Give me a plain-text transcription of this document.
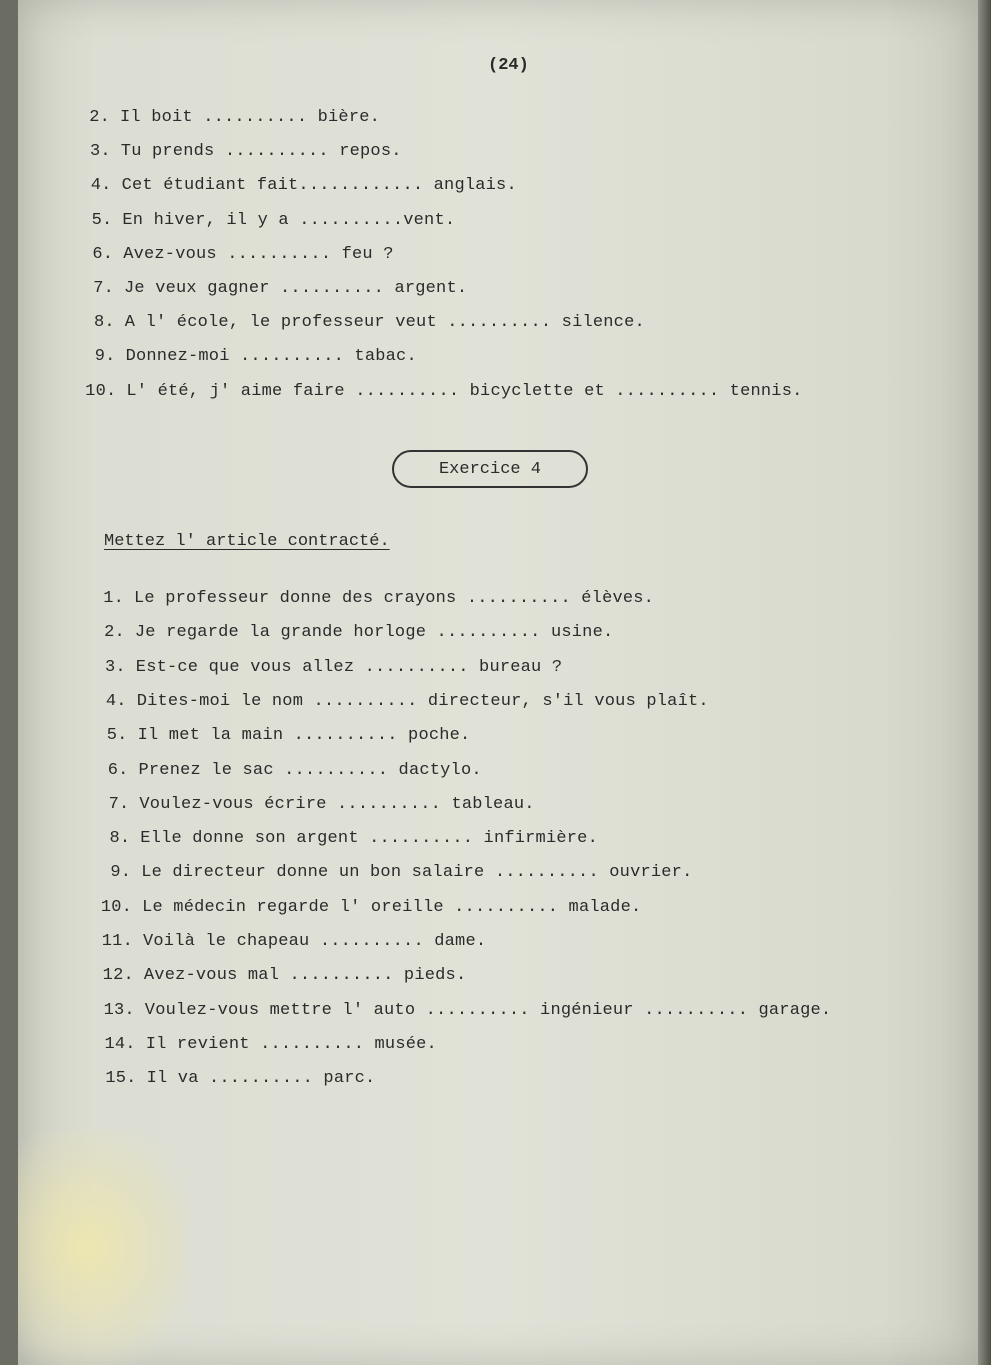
(24)
2. Il boit .......... bière.
3. Tu prends .......... repos.
4. Cet étudiant fait............ anglais.
5. En hiver, il y a ..........vent.
6. Avez-vous .......... feu ?
7. Je veux gagner .......... argent.
8. A l' école, le professeur veut .......... silence.
9. Donnez-moi .......... tabac.
10. L' été, j' aime faire .......... bicyclette et .......... tennis.
Exercice 4
Mettez l' article contracté.
1. Le professeur donne des crayons .......... élèves.
2. Je regarde la grande horloge .......... usine.
3. Est-ce que vous allez .......... bureau ?
4. Dites-moi le nom .......... directeur, s'il vous plaît.
5. Il met la main .......... poche.
6. Prenez le sac .......... dactylo.
7. Voulez-vous écrire .......... tableau.
8. Elle donne son argent .......... infirmière.
9. Le directeur donne un bon salaire .......... ouvrier.
10. Le médecin regarde l' oreille .......... malade.
11. Voilà le chapeau .......... dame.
12. Avez-vous mal .......... pieds.
13. Voulez-vous mettre l' auto .......... ingénieur .......... garage.
14. Il revient .......... musée.
15. Il va .......... parc.
